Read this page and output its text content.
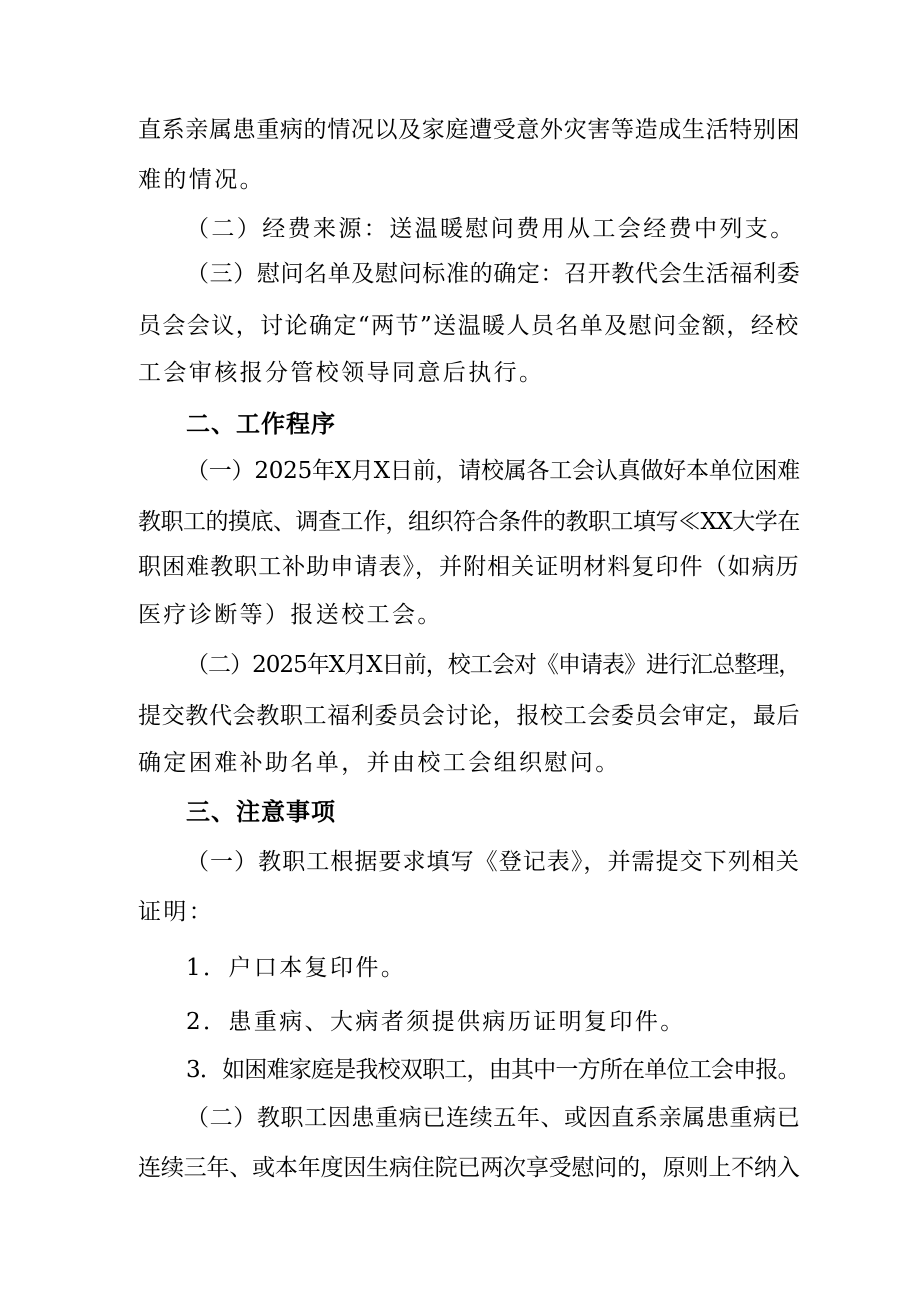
直系亲属患重病的情况以及家庭遭受意外灾害等造成生活特别困
难的情况。
（二）经费来源：送温暖慰问费用从工会经费中列支。
（三）慰问名单及慰问标准的确定：召开教代会生活福利委
员会会议，讨论确定“两节”送温暖人员名单及慰问金额，经校
工会审核报分管校领导同意后执行。
二、工作程序
（一）2025年X月X日前，请校属各工会认真做好本单位困难
教职工的摸底、调查工作，组织符合条件的教职工填写≪XX大学在
职困难教职工补助申请表》，并附相关证明材料复印件（如病历
医疗诊断等）报送校工会。
（二）2025年X月X日前，校工会对《申请表》进行汇总整理，
提交教代会教职工福利委员会讨论，报校工会委员会审定，最后
确定困难补助名单，并由校工会组织慰问。
三、注意事项
（一）教职工根据要求填写《登记表》，并需提交下列相关
证明：
1．户口本复印件。
2．患重病、大病者须提供病历证明复印件。
3．如困难家庭是我校双职工，由其中一方所在单位工会申报。
（二）教职工因患重病已连续五年、或因直系亲属患重病已
连续三年、或本年度因生病住院已两次享受慰问的，原则上不纳入
